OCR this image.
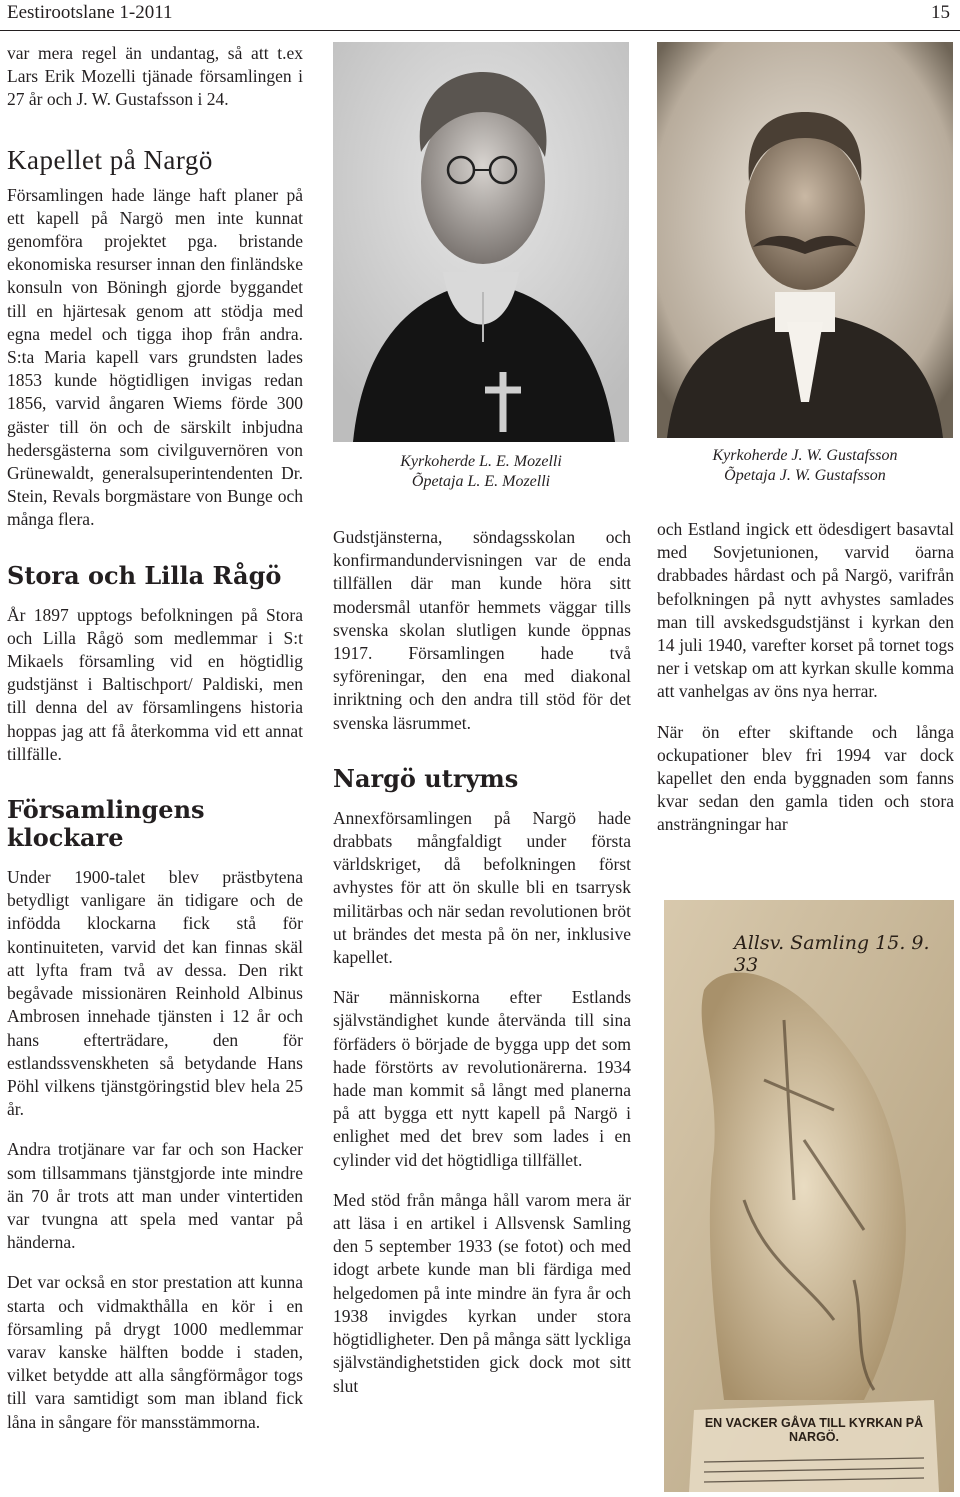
Eestirootslane 1-2011	15

var mera regel än undantag, så att t.ex Lars Erik Mozelli tjänade församlingen i 27 år och J. W. Gustafsson i 24.

Kapellet på Nargö

Församlingen hade länge haft planer på ett kapell på Nargö men inte kunnat genomföra projektet pga. bristande ekonomiska resurser innan den finländske konsuln von Böningh gjorde byggandet till en hjärtesak genom att stödja med egna medel och tigga ihop från andra. S:ta Maria kapell vars grundsten lades 1853 kunde högtidligen invigas redan 1856, varvid ångaren Wiems förde 300 gäster till ön och de särskilt inbjudna hedersgästerna som civilguvernören von Grünewaldt, generalsuperintendenten Dr. Stein, Revals borgmästare von Bunge och många flera.

Stora och Lilla Rågö

År 1897 upptogs befolkningen på Stora och Lilla Rågö som medlemmar i S:t Mikaels församling vid en högtidlig gudstjänst i Baltischport/ Paldiski, men till denna del av församlingens historia hoppas jag att få återkomma vid ett annat tillfälle.

Församlingens klockare

Under 1900-talet blev prästbytena betydligt vanligare än tidigare och de infödda klockarna fick stå för kontinuiteten, varvid det kan finnas skäl att lyfta fram två av dessa. Den rikt begåvade missionären Reinhold Albinus Ambrosen innehade tjänsten i 12 år och hans efterträdare, den för estlandssvenskheten så betydande Hans Pöhl vilkens tjänstgöringstid blev hela 25 år.

Andra trotjänare var far och son Hacker som tillsammans tjänstgjorde inte mindre än 70 år trots att man under vintertiden var tvungna att spela med vantar på händerna.

Det var också en stor prestation att kunna starta och vidmakthålla en kör i en församling på drygt 1000 medlemmar varav kanske hälften bodde i staden, vilket betydde att alla sångförmågor togs till vara samtidigt som man ibland fick låna in sångare för mansstämmorna.

Kyrkoherde L. E. Mozelli
Õpetaja L. E. Mozelli
Kyrkoherde J. W. Gustafsson
Õpetaja J. W. Gustafsson

Gudstjänsterna, söndagsskolan och konfirmandundervisningen var de enda tillfällen där man kunde höra sitt modersmål utanför hemmets väggar tills svenska skolan slutligen kunde öppnas 1917. Församlingen hade två syföreningar, den ena med diakonal inriktning och den andra till stöd för det svenska läsrummet.

Nargö utryms

Annexförsamlingen på Nargö hade drabbats mångfaldigt under första världskriget, då befolkningen först avhystes för att ön skulle bli en tsarrysk militärbas och när sedan revolutionen bröt ut brändes det mesta på ön ner, inklusive kapellet.

När människorna efter Estlands självständighet kunde återvända till sina förfäders ö började de bygga upp det som hade förstörts av revolutionärerna. 1934 hade man kommit så långt med planerna på att bygga ett nytt kapell på Nargö i enlighet med det brev som lades i en cylinder vid det högtidliga tillfället.

Med stöd från många håll varom mera är att läsa i en artikel i Allsvensk Samling den 5 september 1933 (se fotot) och med idogt arbete kunde man bli färdiga med helgedomen på inte mindre än fyra år och 1938 invigdes kyrkan under stora högtidligheter. Den på många sätt lyckliga självständighetstiden gick dock mot sitt slut

och Estland ingick ett ödesdigert basavtal med Sovjetunionen, varvid öarna drabbades hårdast och på Nargö, varifrån befolkningen på nytt avhystes samlades man till avskedsgudstjänst i kyrkan den 14 juli 1940, varefter korset på tornet togs ner i vetskap om att kyrkan skulle komma att vanhelgas av öns nya herrar.

När ön efter skiftande och långa ockupationer blev fri 1994 var dock kapellet den enda byggnaden som fanns kvar sedan den gamla tiden och stora ansträngningar har

Allsv. Samling 15. 9. 33
EN VACKER GÅVA TILL KYRKAN PÅ NARGÖ.
